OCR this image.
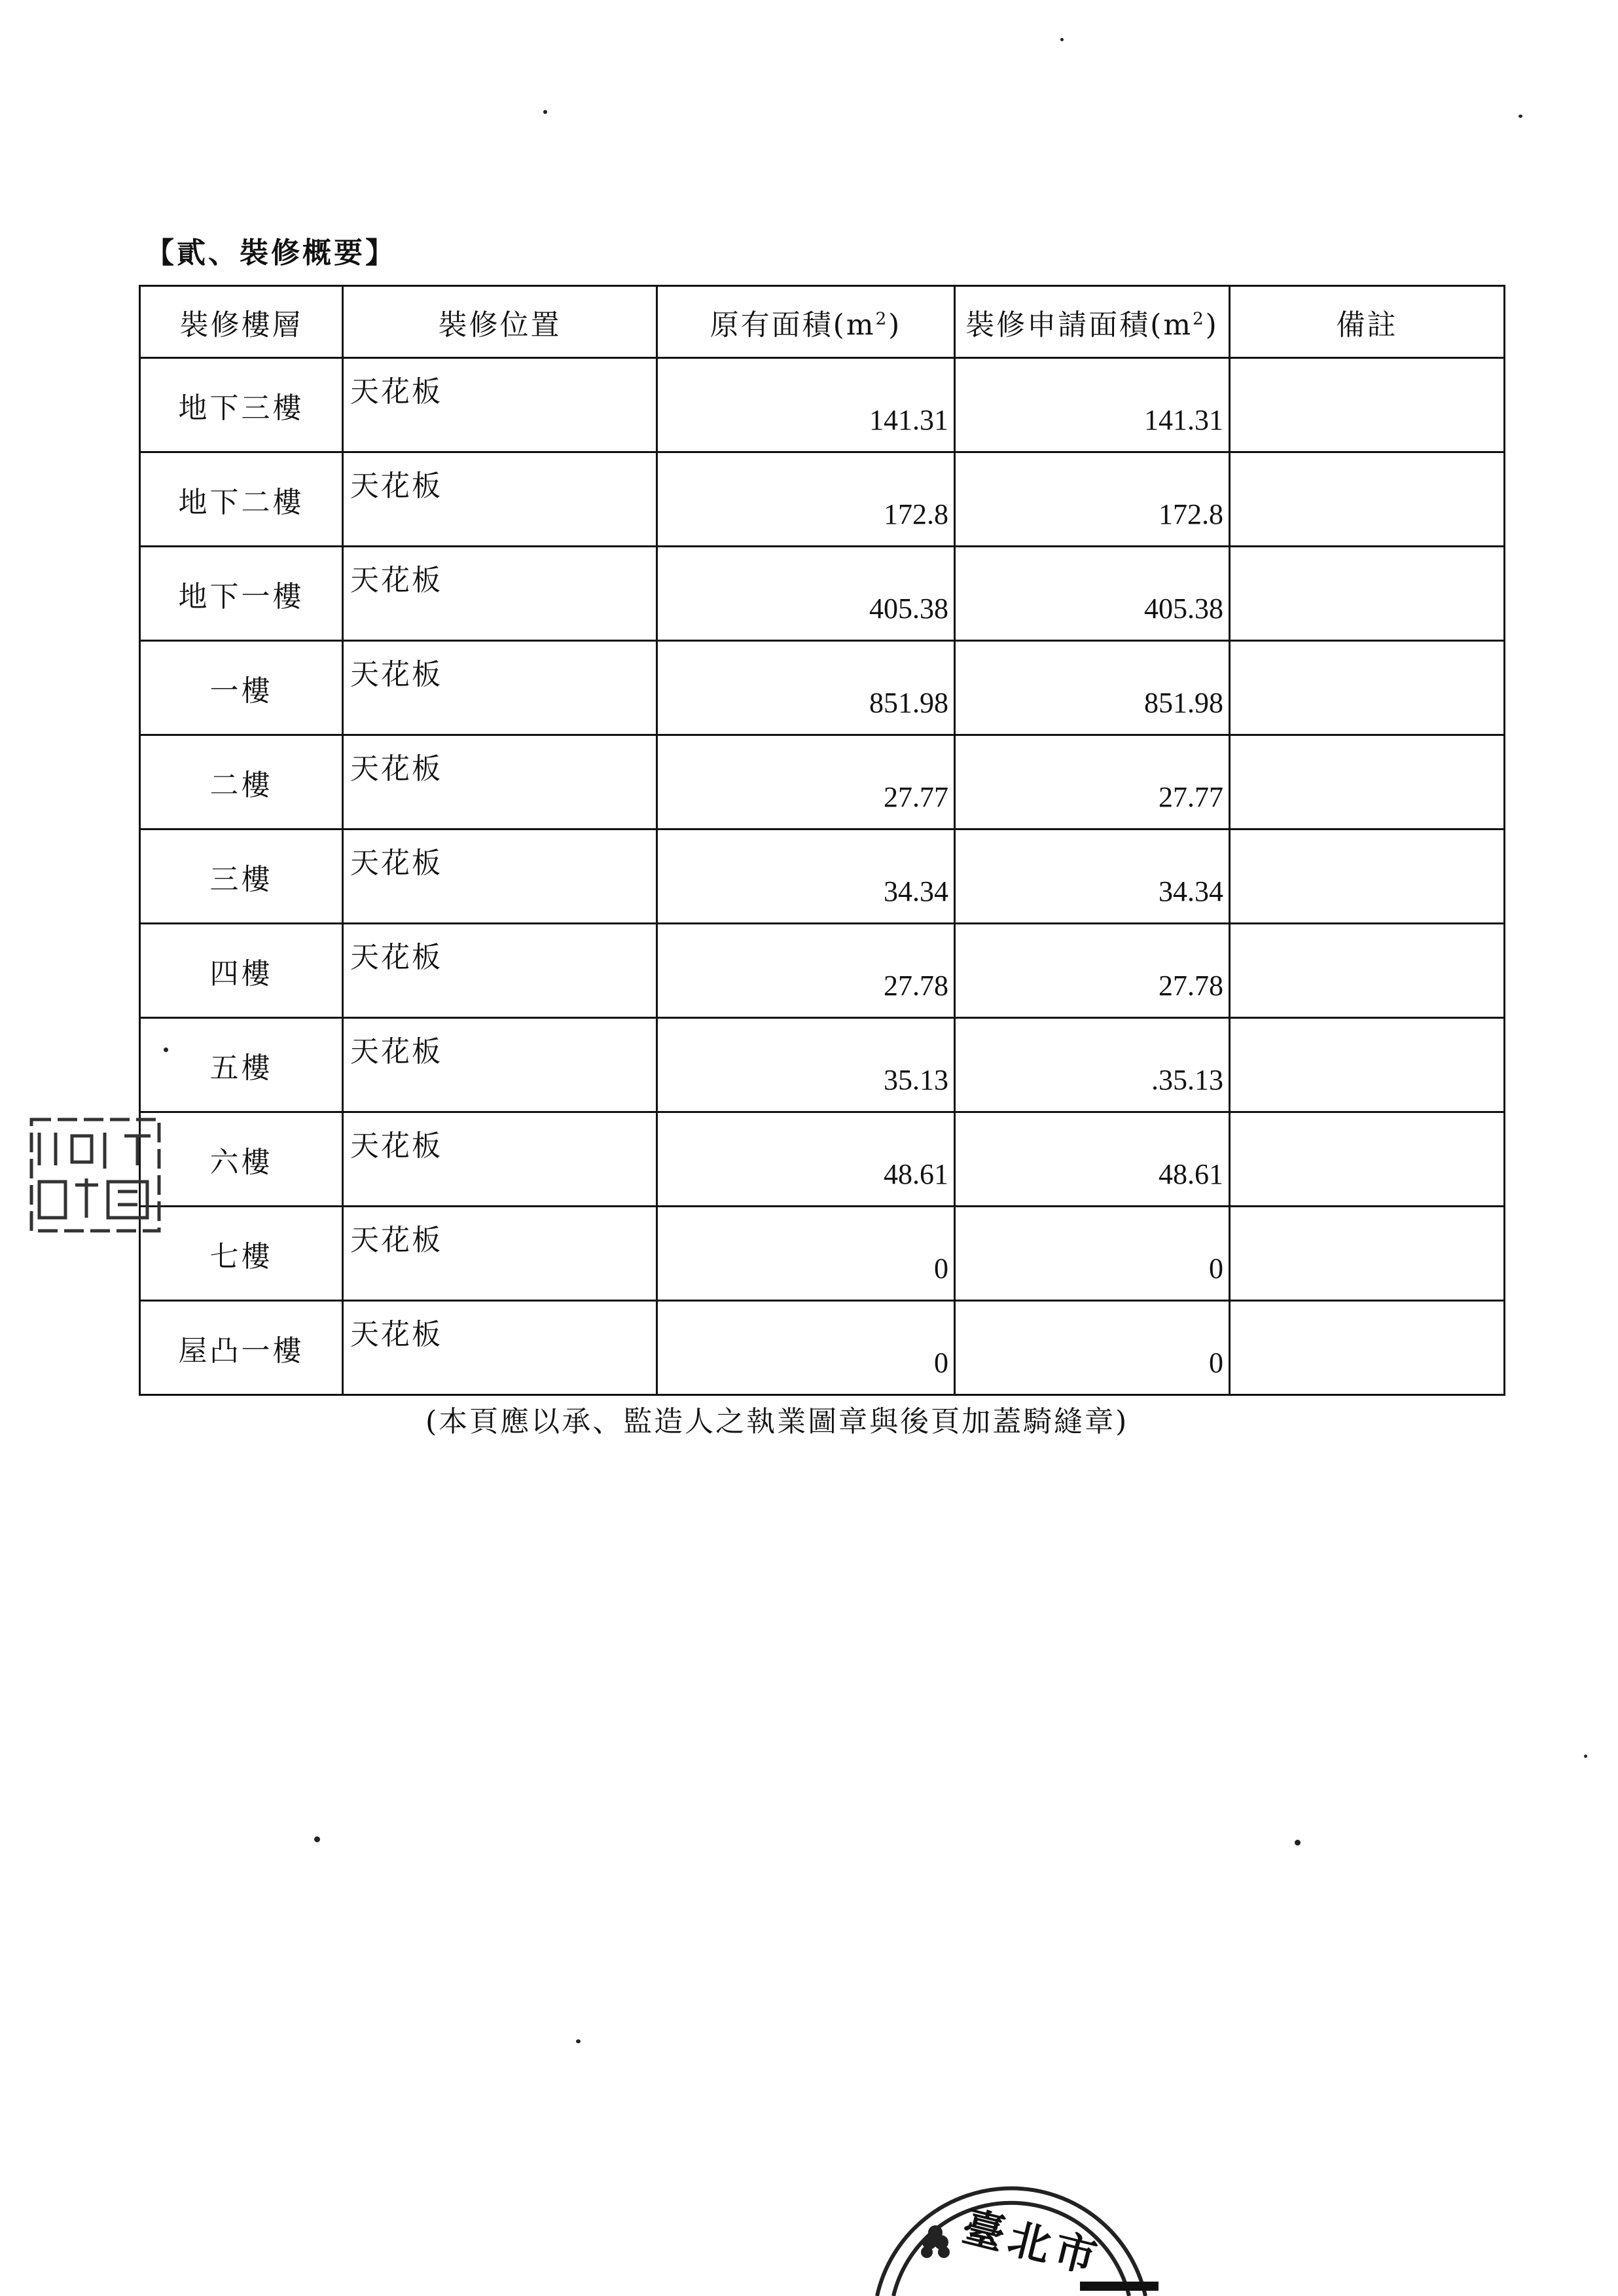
【貳、裝修概要】
裝修樓層	裝修位置	原有面積$(m^2)$	裝修申請面積$(m^2)$	備註
地下三樓	天花板	141.31	141.31	
地下二樓	天花板	172.8	172.8	
地下一樓	天花板	405.38	405.38	
一樓	天花板	851.98	851.98	
二樓	天花板	27.77	27.77	
三樓	天花板	34.34	34.34	
四樓	天花板	27.78	27.78	
五樓	天花板	35.13	.35.13	
六樓	天花板	48.61	48.61	
七樓	天花板	0	0	
屋凸一樓	天花板	0	0	
(本頁應以承、監造人之執業圖章與後頁加蓋騎縫章)
臺北市
